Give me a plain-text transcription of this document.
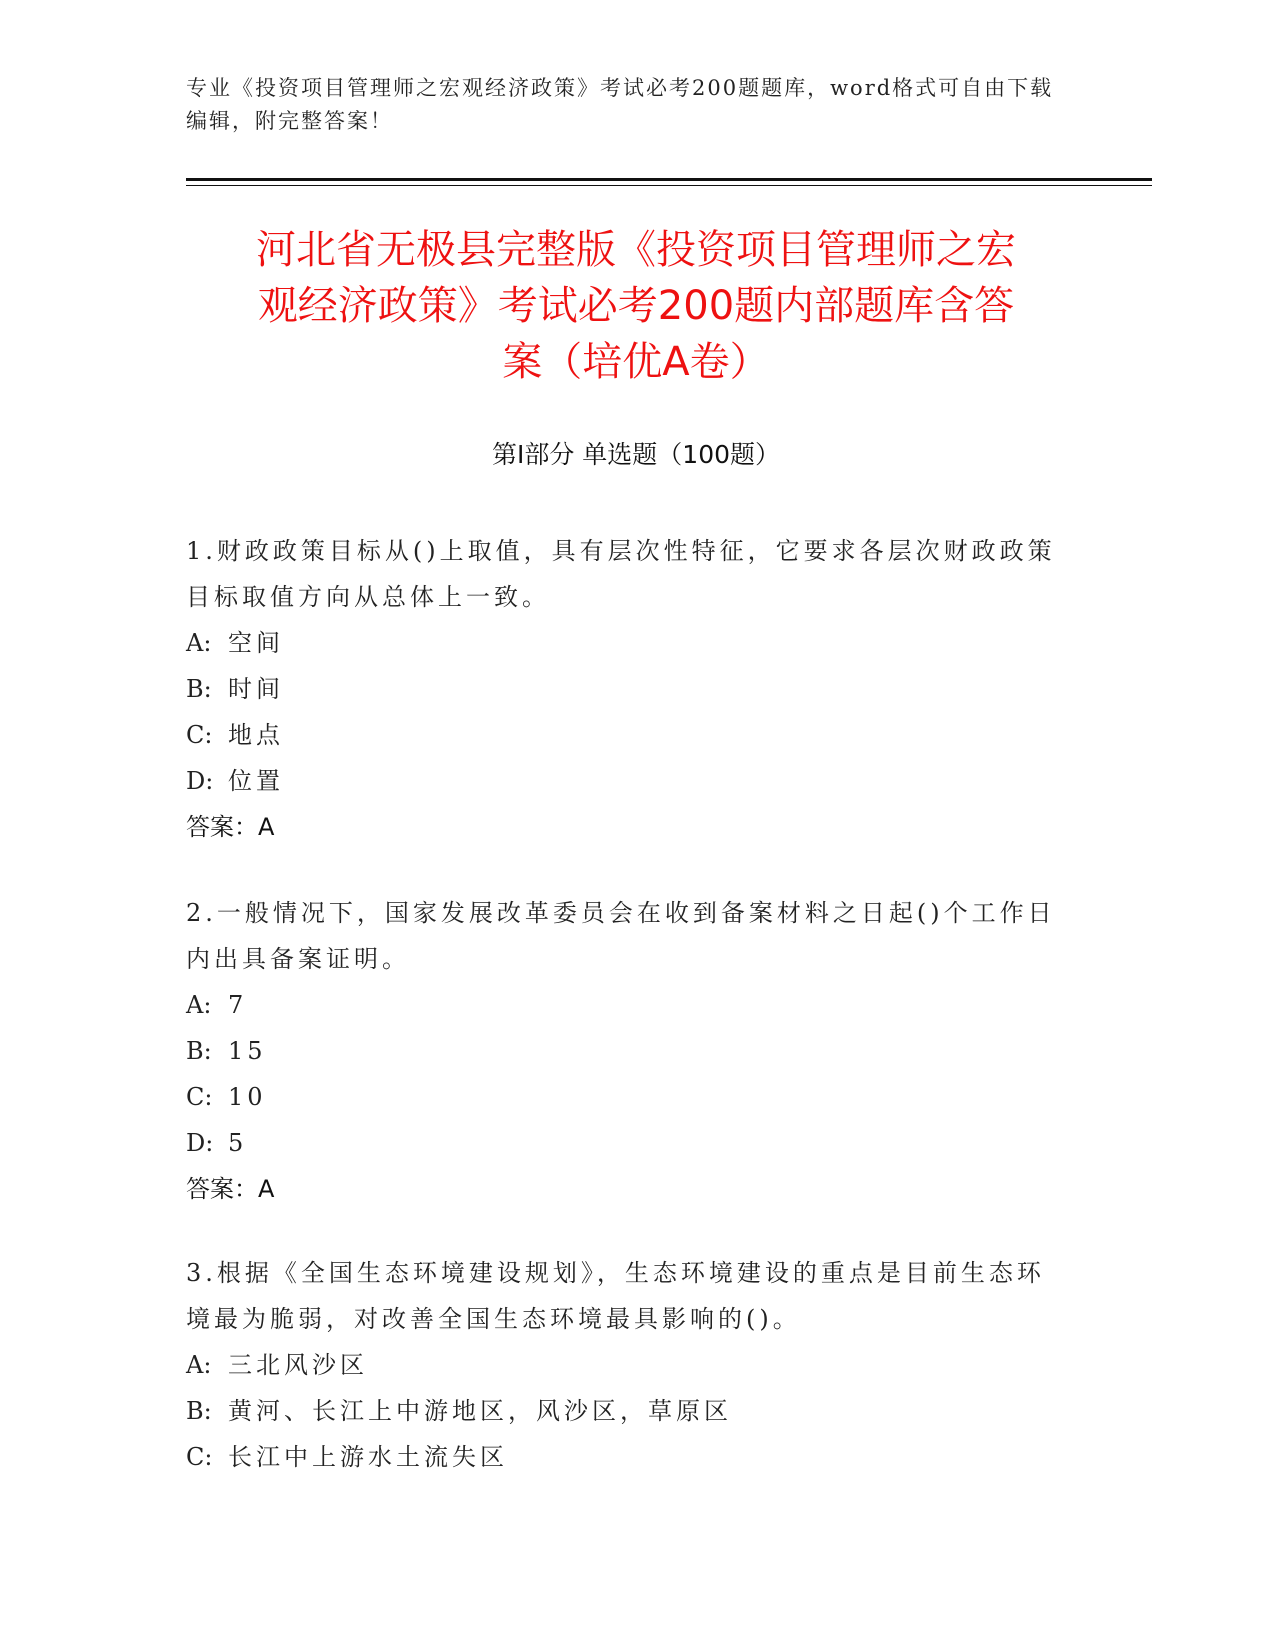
专业《投资项目管理师之宏观经济政策》考试必考200题题库，word格式可自由下载编辑，附完整答案！
河北省无极县完整版《投资项目管理师之宏
观经济政策》考试必考200题内部题库含答
案（培优A卷）
第I部分 单选题（100题）
1.财政政策目标从()上取值，具有层次性特征，它要求各层次财政政策目标取值方向从总体上一致。
A: 空间
B: 时间
C: 地点
D: 位置
答案：A
2.一般情况下，国家发展改革委员会在收到备案材料之日起()个工作日内出具备案证明。
A: 7
B: 15
C: 10
D: 5
答案：A
3.根据《全国生态环境建设规划》，生态环境建设的重点是目前生态环境最为脆弱，对改善全国生态环境最具影响的()。
A: 三北风沙区
B: 黄河、长江上中游地区，风沙区，草原区
C: 长江中上游水土流失区
